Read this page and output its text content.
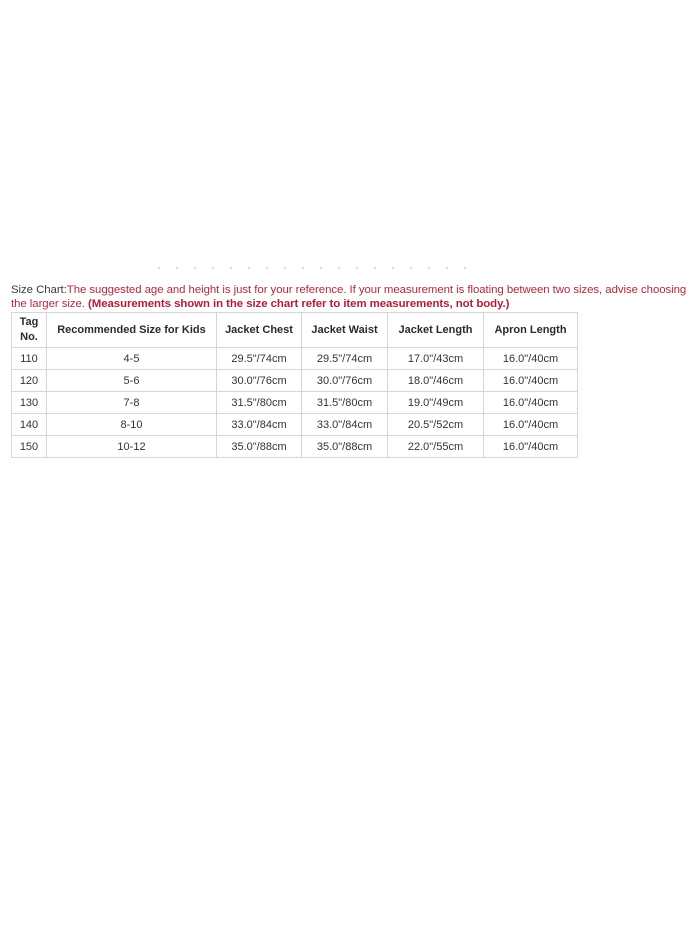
Size Chart:The suggested age and height is just for your reference. If your measurement is floating between two sizes, advise choosing the larger size. (Measurements shown in the size chart refer to item measurements, not body.)
Tag No.	Recommended Size for Kids	Jacket Chest	Jacket Waist	Jacket Length	Apron Length
110	4-5	29.5"/74cm	29.5"/74cm	17.0"/43cm	16.0"/40cm
120	5-6	30.0"/76cm	30.0"/76cm	18.0"/46cm	16.0"/40cm
130	7-8	31.5"/80cm	31.5"/80cm	19.0"/49cm	16.0"/40cm
140	8-10	33.0"/84cm	33.0"/84cm	20.5"/52cm	16.0"/40cm
150	10-12	35.0"/88cm	35.0"/88cm	22.0"/55cm	16.0"/40cm
